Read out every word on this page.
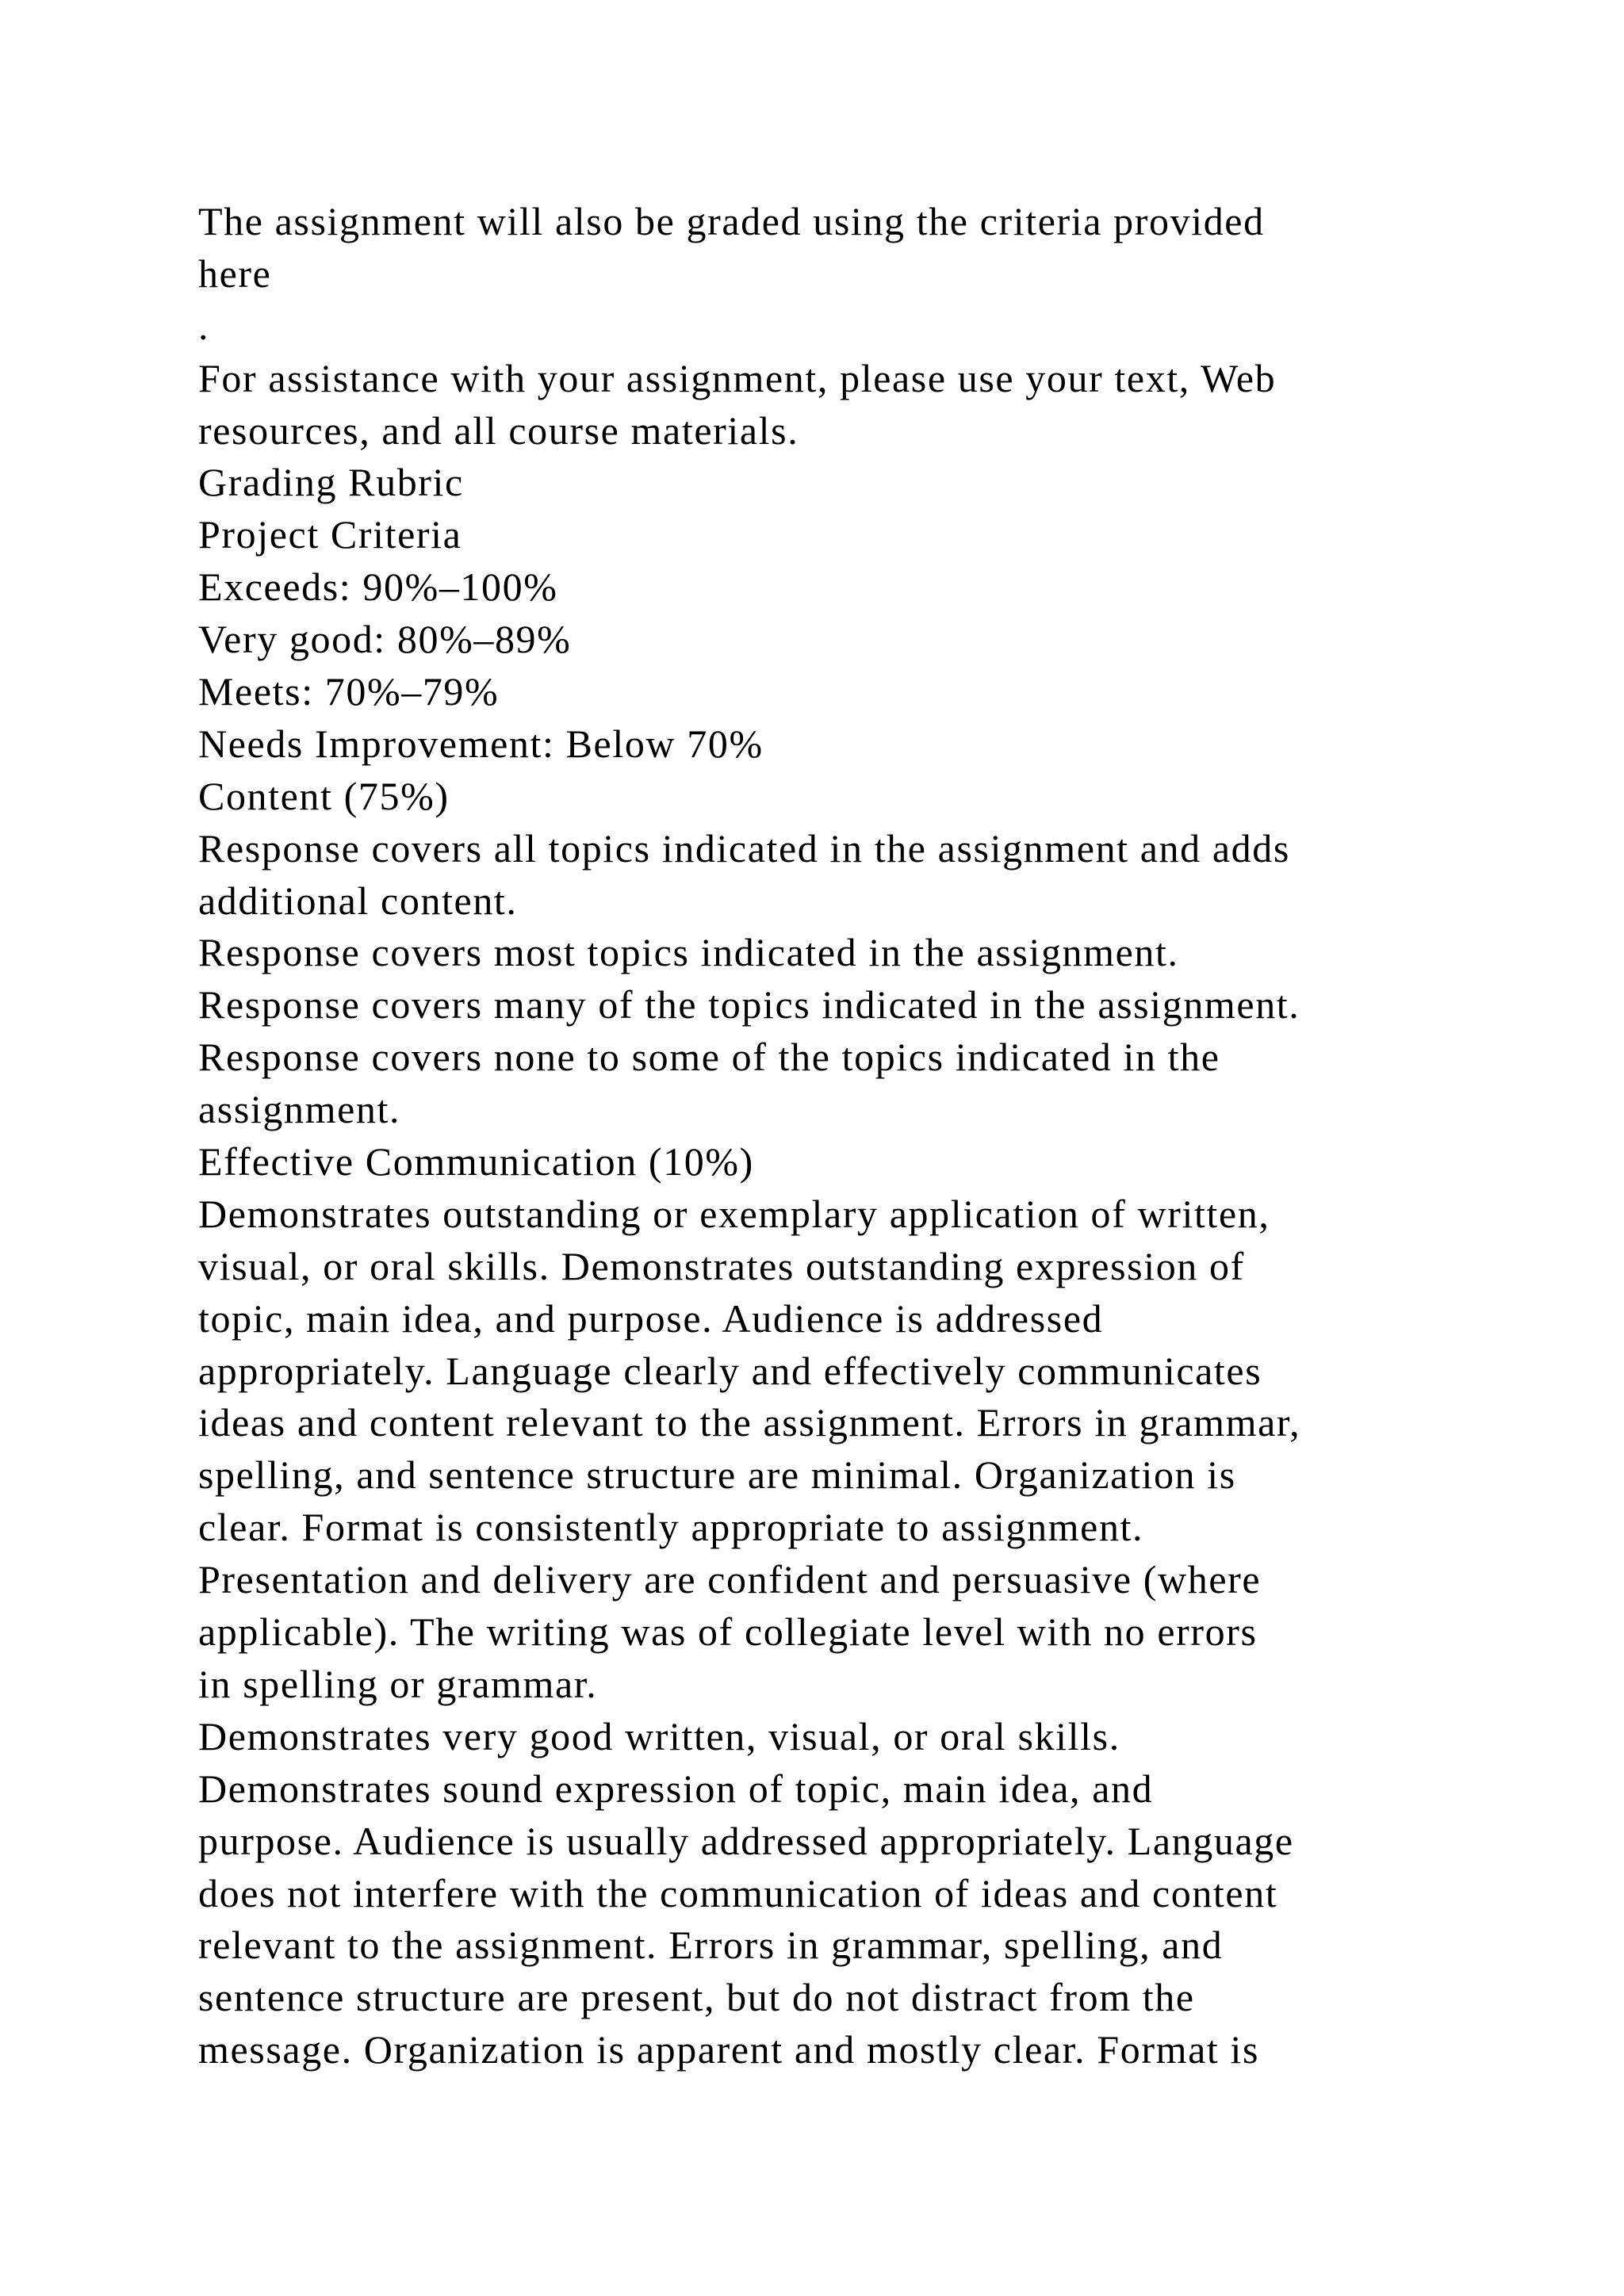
The assignment will also be graded using the criteria provided
here
.
For assistance with your assignment, please use your text, Web
resources, and all course materials.
Grading Rubric
Project Criteria
Exceeds: 90%–100%
Very good: 80%–89%
Meets: 70%–79%
Needs Improvement: Below 70%
Content (75%)
Response covers all topics indicated in the assignment and adds
additional content.
Response covers most topics indicated in the assignment.
Response covers many of the topics indicated in the assignment.
Response covers none to some of the topics indicated in the
assignment.
Effective Communication (10%)
Demonstrates outstanding or exemplary application of written,
visual, or oral skills. Demonstrates outstanding expression of
topic, main idea, and purpose. Audience is addressed
appropriately. Language clearly and effectively communicates
ideas and content relevant to the assignment. Errors in grammar,
spelling, and sentence structure are minimal. Organization is
clear. Format is consistently appropriate to assignment.
Presentation and delivery are confident and persuasive (where
applicable). The writing was of collegiate level with no errors
in spelling or grammar.
Demonstrates very good written, visual, or oral skills.
Demonstrates sound expression of topic, main idea, and
purpose. Audience is usually addressed appropriately. Language
does not interfere with the communication of ideas and content
relevant to the assignment. Errors in grammar, spelling, and
sentence structure are present, but do not distract from the
message. Organization is apparent and mostly clear. Format is
